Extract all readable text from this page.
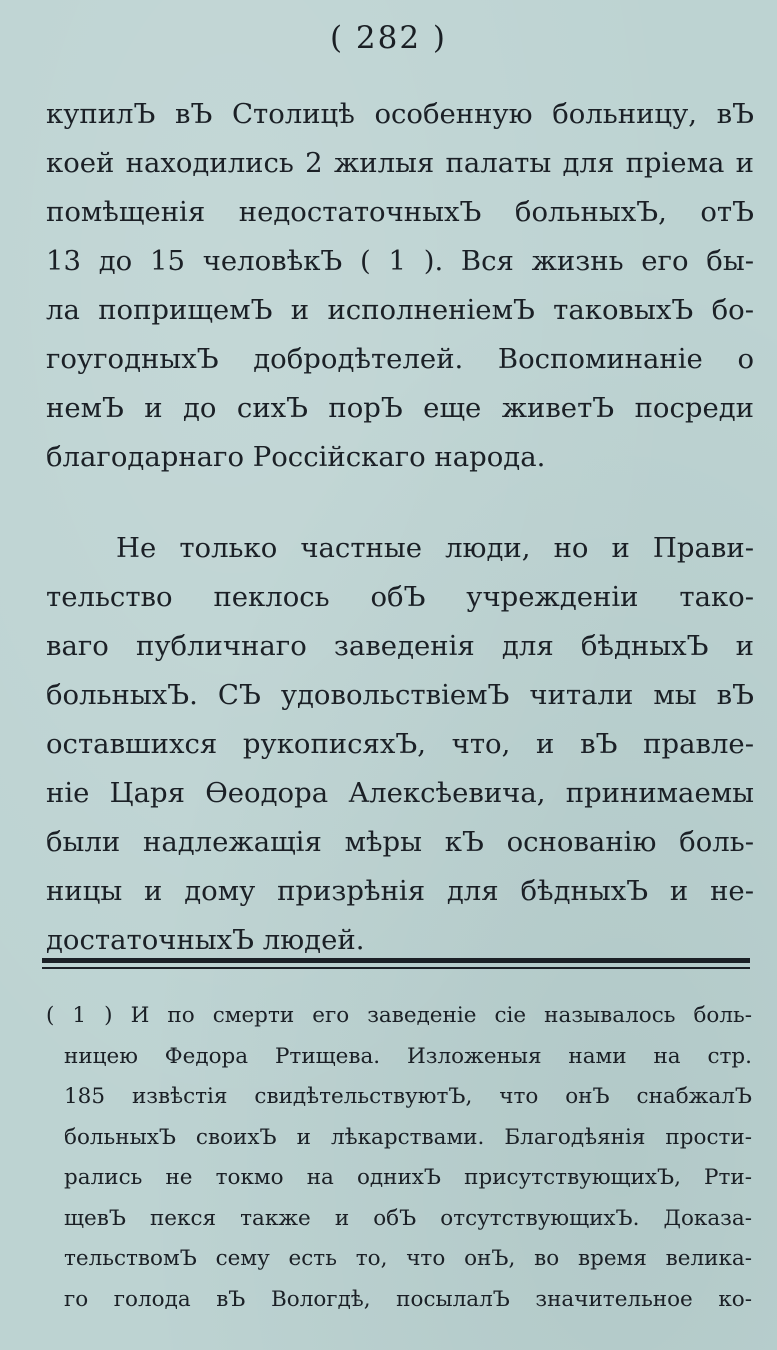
( 282 )
купилЪ вЪ Столицѣ особенную больницу, вЪ
коей находились 2 жилыя палаты для пріема и
помѣщенія недостаточныхЪ больныхЪ, отЪ
13 до 15 человѣкЪ ( 1 ). Вся жизнь его бы-
ла поприщемЪ и исполненіемЪ таковыхЪ бо-
гоугодныхЪ добродѣтелей. Воспоминаніе о
немЪ и до сихЪ порЪ еще живетЪ посреди
благодарнаго Россійскаго народа.
Не только частные люди, но и Прави-
тельство пеклось обЪ учрежденіи тако-
ваго публичнаго заведенія для бѣдныхЪ и
больныхЪ. СЪ удовольствіемЪ читали мы вЪ
оставшихся рукописяхЪ, что, и вЪ правле-
ніе Царя Ѳеодора Алексѣевича, принимаемы
были надлежащія мѣры кЪ основанію боль-
ницы и дому призрѣнія для бѣдныхЪ и не-
достаточныхЪ людей.
( 1 ) И по смерти его заведеніе сіе называлось боль-
ницею Федора Ртищева. Изложеныя нами на стр.
185 извѣстія свидѣтельствуютЪ, что онЪ снабжалЪ
больныхЪ своихЪ и лѣкарствами. Благодѣянія прости-
рались не токмо на однихЪ присутствующихЪ, Рти-
щевЪ пекся также и обЪ отсутствующихЪ. Доказа-
тельствомЪ сему есть то, что онЪ, во время велика-
го голода вЪ Вологдѣ, посылалЪ значительное ко-
